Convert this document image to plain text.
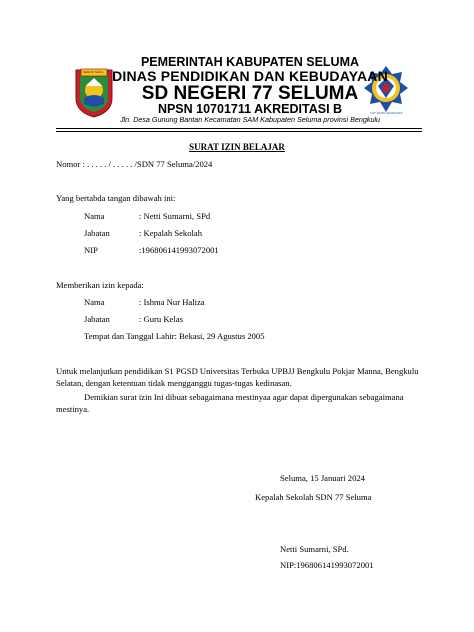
SERASI SEIJA
TUT WURI HANDAYANI
PEMERINTAH KABUPATEN SELUMA
DINAS PENDIDIKAN DAN KEBUDAYAAN
SD NEGERI 77 SELUMA
NPSN 10701711 AKREDITASI B
Jln. Desa Gunung Bantan Kecamatan SAM Kabupaten Seluma provinsi Bengkulu
SURAT IZIN BELAJAR
Nomor : . . . . . / . . . . . /SDN 77 Seluma/2024
Yang bertabda tangan dibawah ini:
Nama	: Netti Sumarni, SPd
Jabatan	: Kepalah Sekolah
NIP	:196806141993072001
Memberikan izin kepada:
Nama	: Ishma Nur Haliza
Jabatan	: Guru Kelas
Tempat dan Tanggal Lahir: Bekasi, 29 Agustus 2005
Untuk melanjutkan pendidikan S1 PGSD Universitas Terbuka UPBJJ Bengkulu Pokjar Manna, Bengkulu
Selatan, dengan ketentuan tidak mengganggu tugas-tugas kedinasan.
Demikian surat izin Ini dibuat sebagaimana mestinyaa agar dapat dipergunakan sebagaimana
mestinya.
Seluma, 15 Januari 2024
Kepalah Sekolah SDN 77 Seluma
Netti Sumarni, SPd.
NIP:196806141993072001
